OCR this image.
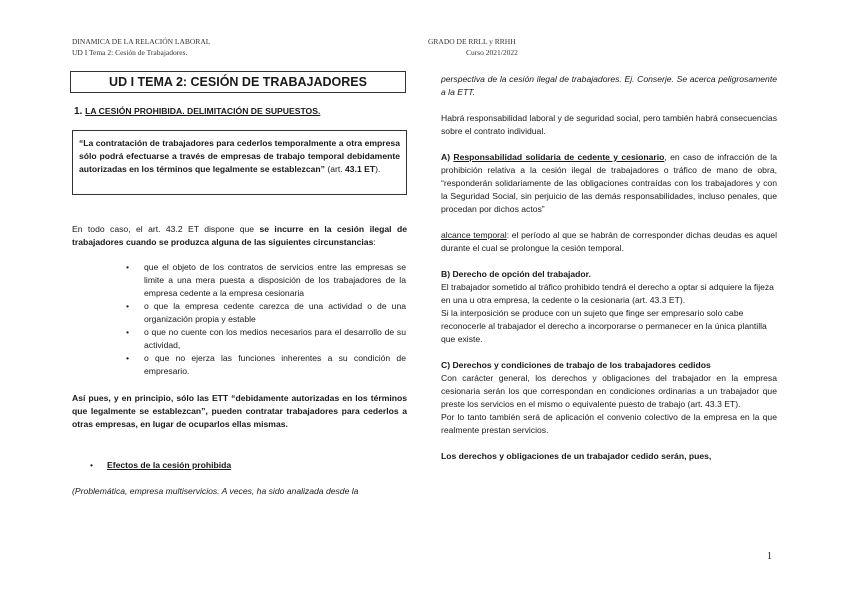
DINAMICA DE LA RELACIÓN LABORAL
UD I Tema 2: Cesión de Trabajadores.
GRADO DE RRLL y RRHH
Curso 2021/2022
UD I TEMA 2: CESIÓN DE TRABAJADORES
1. LA CESIÓN PROHIBIDA. DELIMITACIÓN DE SUPUESTOS.
“La contratación de trabajadores para cederlos temporalmente a otra empresa sólo podrá efectuarse a través de empresas de trabajo temporal debidamente autorizadas en los términos que legalmente se establezcan” (art. 43.1 ET).

En todo caso, el art. 43.2 ET dispone que se incurre en la cesión ilegal de trabajadores cuando se produzca alguna de las siguientes circunstancias:

• que el objeto de los contratos de servicios entre las empresas se limite a una mera puesta a disposición de los trabajadores de la empresa cedente a la empresa cesionaria
• o que la empresa cedente carezca de una actividad o de una organización propia y estable
• o que no cuente con los medios necesarios para el desarrollo de su actividad,
• o que no ejerza las funciones inherentes a su condición de empresario.

Así pues, y en principio, sólo las ETT “debidamente autorizadas en los términos que legalmente se establezcan”, pueden contratar trabajadores para cederlos a otras empresas, en lugar de ocuparlos ellas mismas.

• Efectos de la cesión prohibida

(Problemática, empresa multiservicios. A veces, ha sido analizada desde la

perspectiva de la cesión ilegal de trabajadores. Ej. Conserje. Se acerca peligrosamente a la ETT.

Habrá responsabilidad laboral y de seguridad social, pero también habrá consecuencias sobre el contrato individual.

A) Responsabilidad solidaria de cedente y cesionario, en caso de infracción de la prohibición relativa a la cesión ilegal de trabajadores o tráfico de mano de obra, “responderán solidariamente de las obligaciones contraídas con los trabajadores y con la Seguridad Social, sin perjuicio de las demás responsabilidades, incluso penales, que procedan por dichos actos”

alcance temporal: el período al que se habrán de corresponder dichas deudas es aquel durante el cual se prolongue la cesión temporal.

B) Derecho de opción del trabajador.

El trabajador sometido al tráfico prohibido tendrá el derecho a optar si adquiere la fijeza en una u otra empresa, la cedente o la cesionaria (art. 43.3 ET).

Si la interposición se produce con un sujeto que finge ser empresario solo cabe reconocerle al trabajador el derecho a incorporarse o permanecer en la única plantilla que existe.

C) Derechos y condiciones de trabajo de los trabajadores cedidos

Con carácter general, los derechos y obligaciones del trabajador en la empresa cesionaria serán los que correspondan en condiciones ordinarias a un trabajador que preste los servicios en el mismo o equivalente puesto de trabajo (art. 43.3 ET).

Por lo tanto también será de aplicación el convenio colectivo de la empresa en la que realmente prestan servicios.

Los derechos y obligaciones de un trabajador cedido serán, pues,

1
